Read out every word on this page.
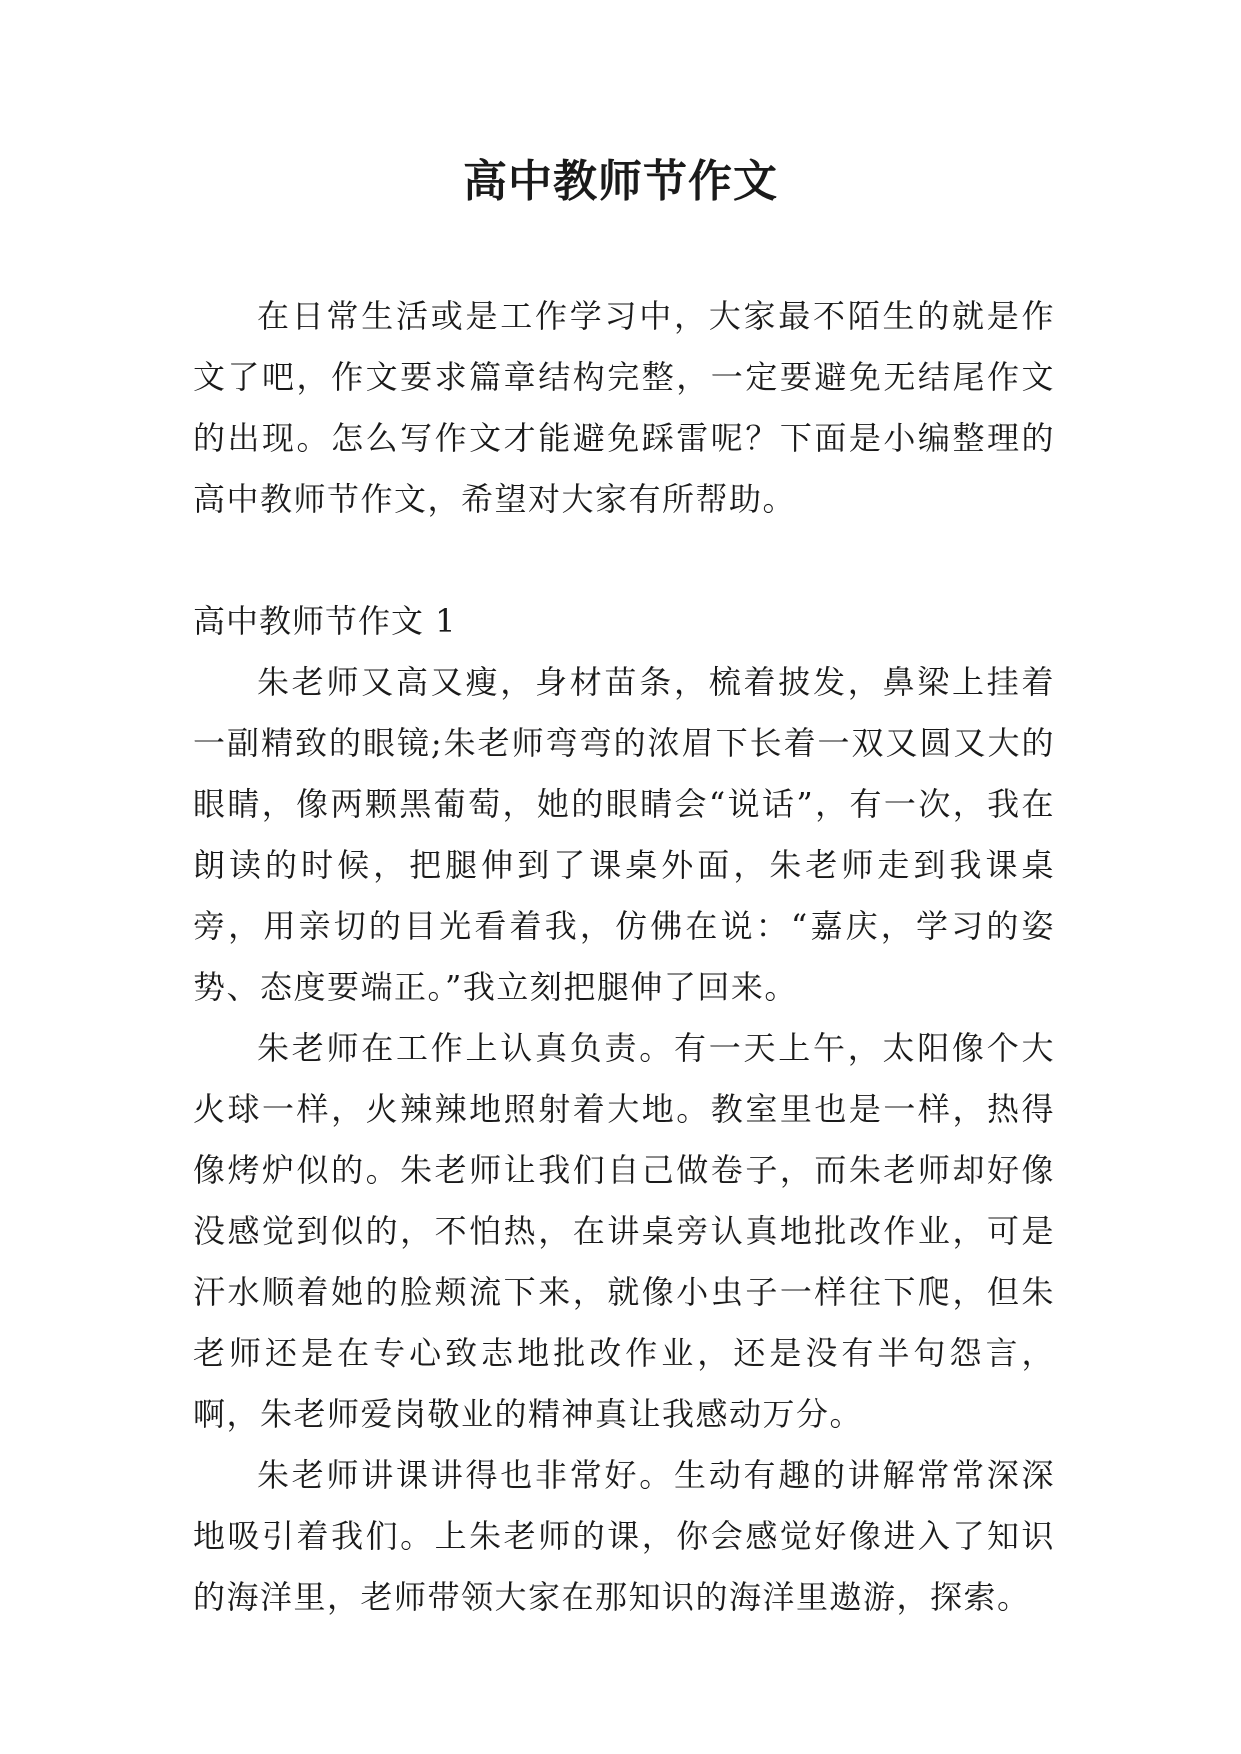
高中教师节作文

在日常生活或是工作学习中，大家最不陌生的就是作文了吧，作文要求篇章结构完整，一定要避免无结尾作文的出现。怎么写作文才能避免踩雷呢？下面是小编整理的高中教师节作文，希望对大家有所帮助。

高中教师节作文 1

朱老师又高又瘦，身材苗条，梳着披发，鼻梁上挂着一副精致的眼镜;朱老师弯弯的浓眉下长着一双又圆又大的眼睛，像两颗黑葡萄，她的眼睛会“说话”，有一次，我在朗读的时候，把腿伸到了课桌外面，朱老师走到我课桌旁，用亲切的目光看着我，仿佛在说：“嘉庆，学习的姿势、态度要端正。”我立刻把腿伸了回来。

朱老师在工作上认真负责。有一天上午，太阳像个大火球一样，火辣辣地照射着大地。教室里也是一样，热得像烤炉似的。朱老师让我们自己做卷子，而朱老师却好像没感觉到似的，不怕热，在讲桌旁认真地批改作业，可是汗水顺着她的脸颊流下来，就像小虫子一样往下爬，但朱老师还是在专心致志地批改作业，还是没有半句怨言，啊，朱老师爱岗敬业的精神真让我感动万分。

朱老师讲课讲得也非常好。生动有趣的讲解常常深深地吸引着我们。上朱老师的课，你会感觉好像进入了知识的海洋里，老师带领大家在那知识的海洋里遨游，探索。
